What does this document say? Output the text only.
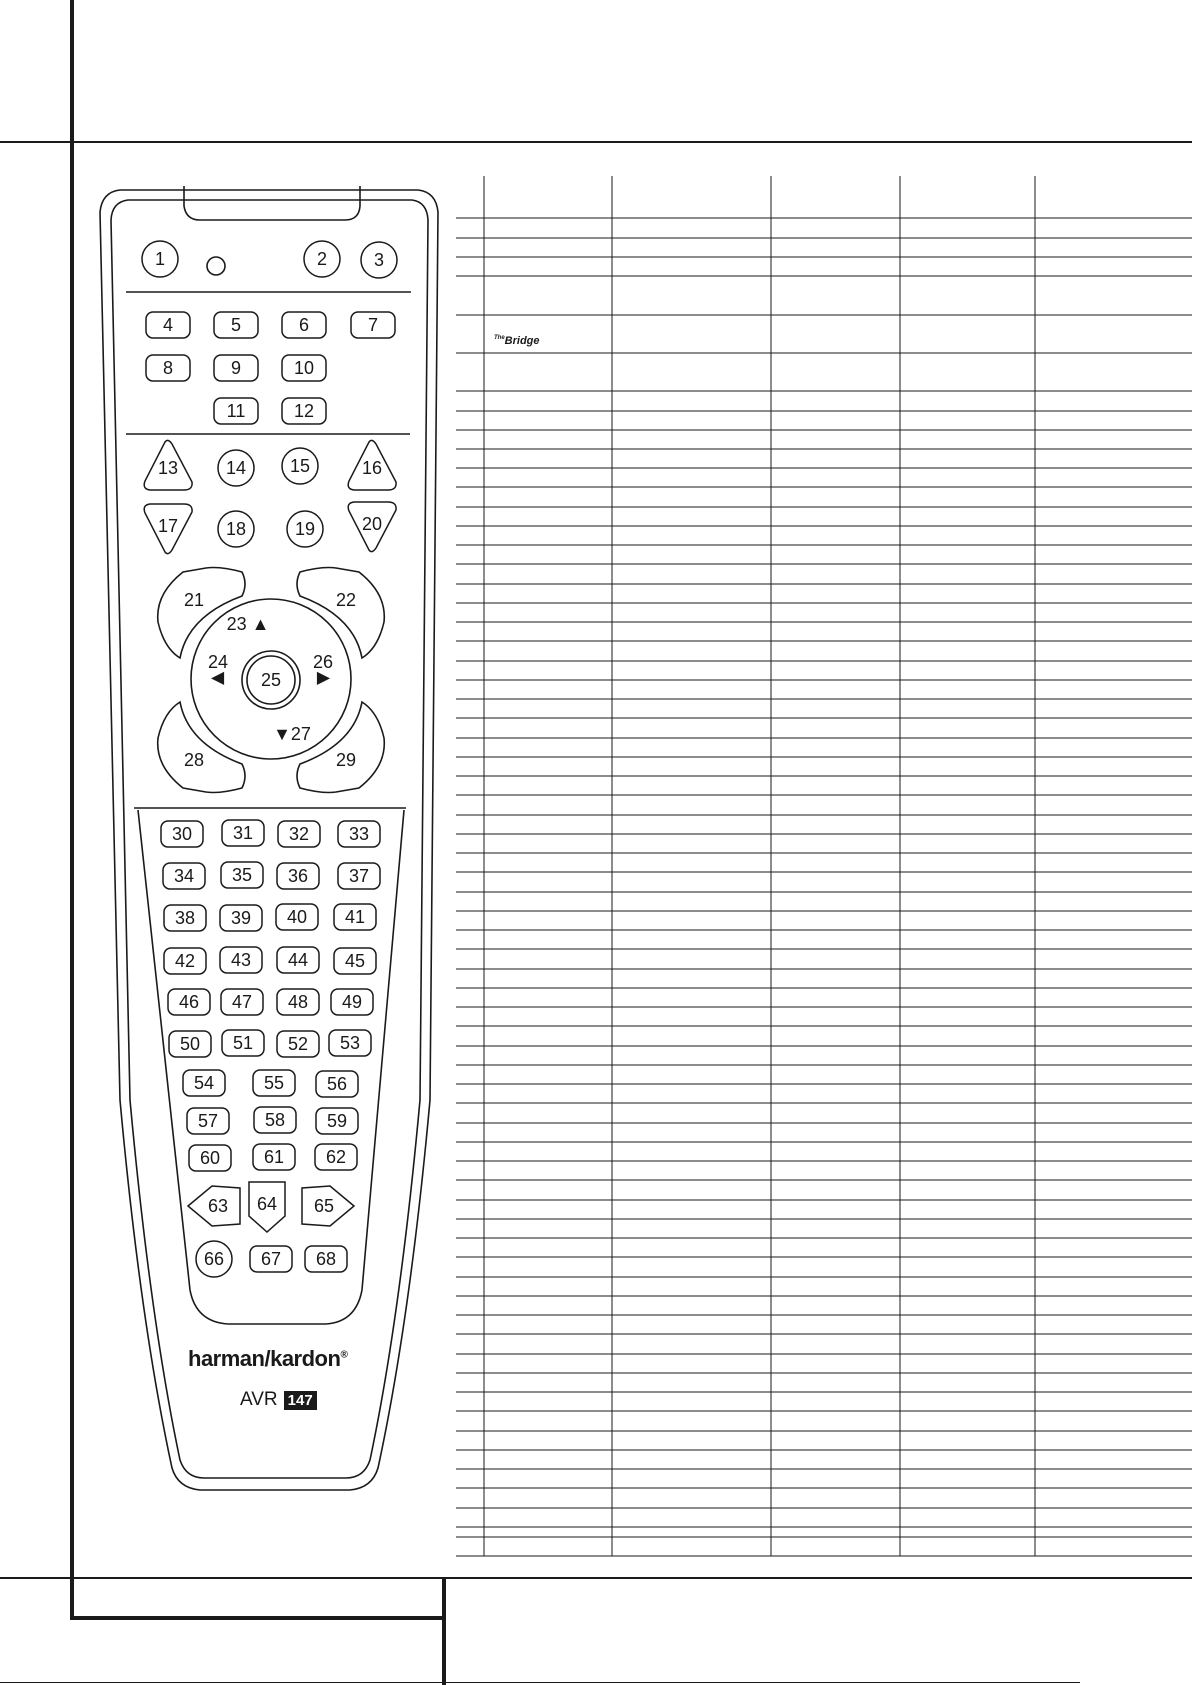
1	2	3
4	5	6	7
8	9	10
11	12
13	14 15	16
17	18	19	20
21	22
23 ▲
24
◀ 25
26
▶
▼27
28	29
30 31 32 33
34 35 36 37
38 39 40 41
42 43 44 45
46 47 48 49
50 51 52 53
54	55 56
57	58 59
60 61 62
63 64 65
66 67 68
$^{The}$Bridge
harman/kardon®
AVR 147
